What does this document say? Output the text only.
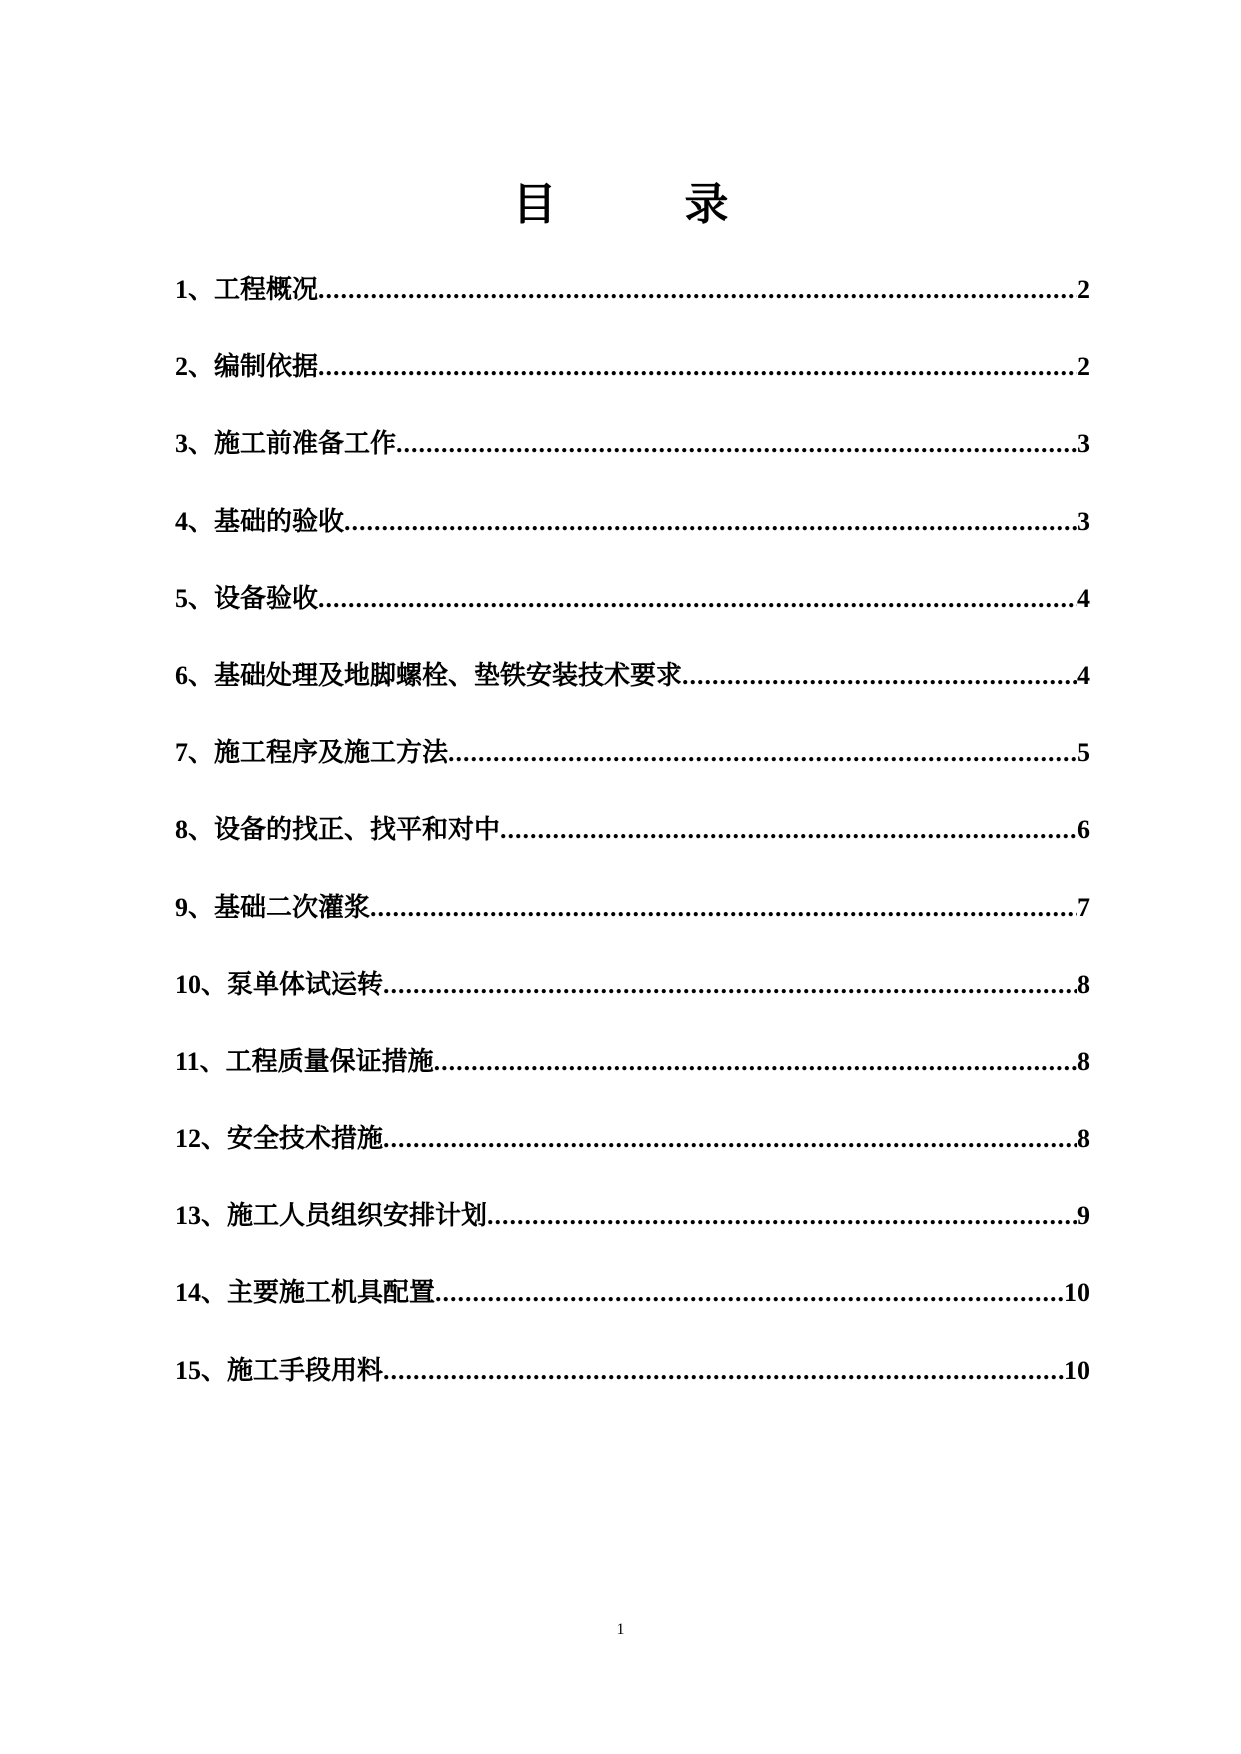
目	录
1、 工程概况 .....	2
2、 编制依据 .....	2
3、 施工前准备工作 .....	3
4、 基础的验收 .....	3
5、 设备验收 .....	4
6、 基础处理及地脚螺栓、垫铁安装技术要求 .....	4
7、 施工程序及施工方法 .....	5
8、 设备的找正、找平和对中 .....	6
9、 基础二次灌浆 .....	7
10、 泵单体试运转 .....	8
11、 工程质量保证措施 .....	8
12、 安全技术措施 .....	8
13、 施工人员组织安排计划 .....	9
14、 主要施工机具配置 .....	10
15、 施工手段用料 .....	10
1
